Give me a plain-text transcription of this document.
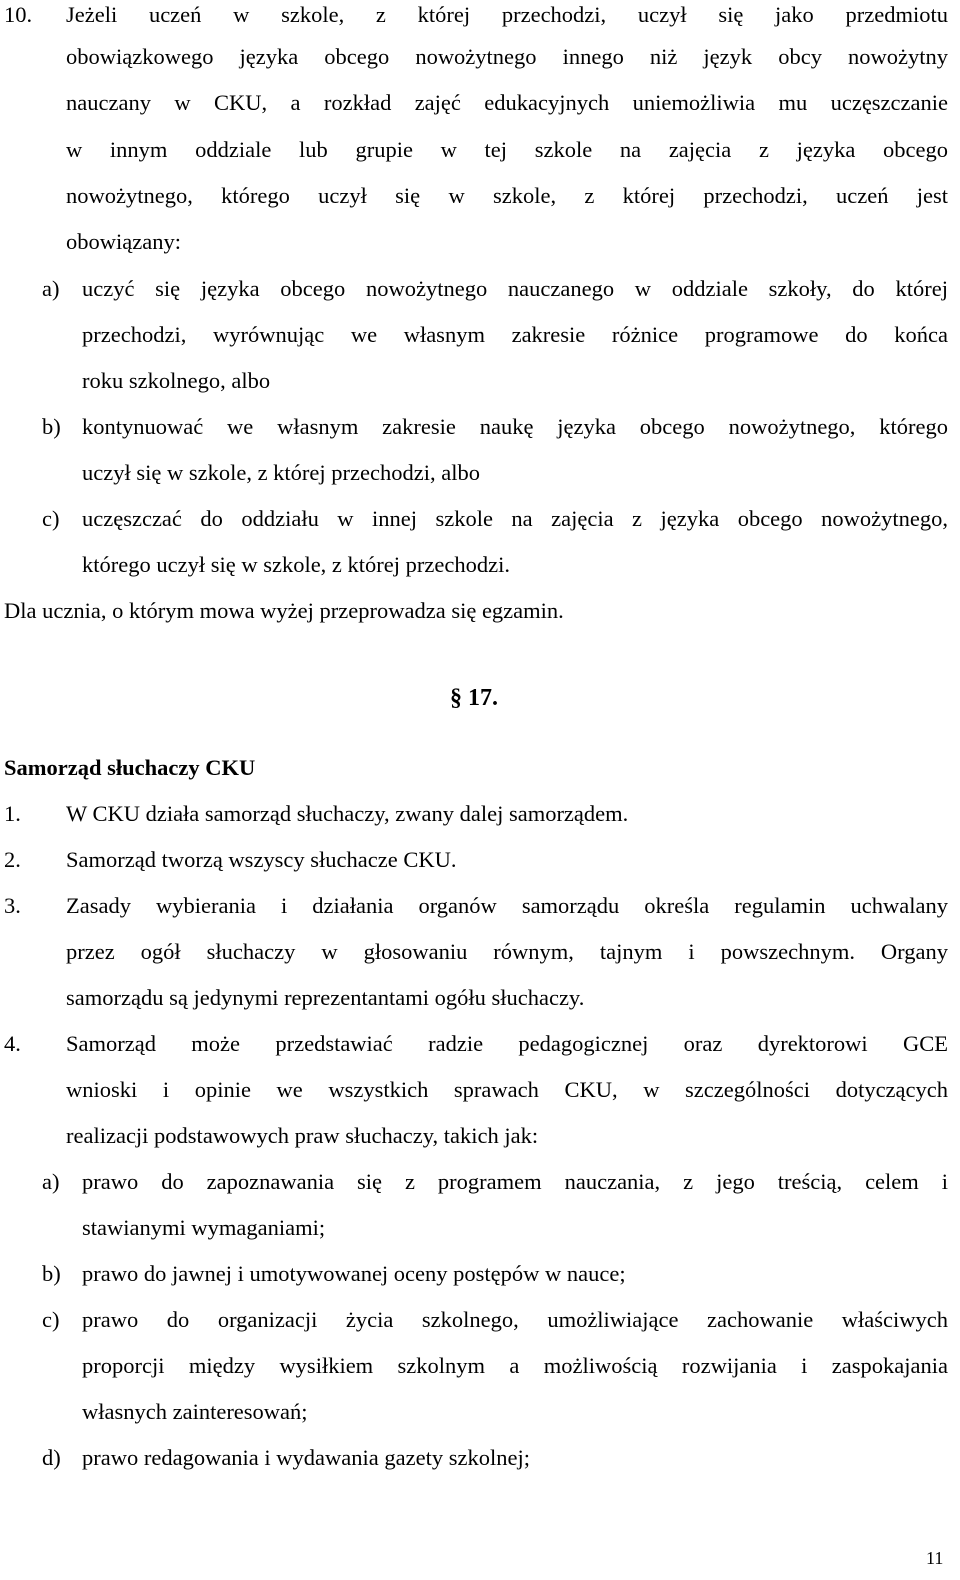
10. Jeżeli uczeń w szkole, z której przechodzi, uczył się jako przedmiotu
obowiązkowego języka obcego nowożytnego innego niż język obcy nowożytny
nauczany w CKU, a rozkład zajęć edukacyjnych uniemożliwia mu uczęszczanie
w innym oddziale lub grupie w tej szkole na zajęcia z języka obcego
nowożytnego, którego uczył się w szkole, z której przechodzi, uczeń jest
obowiązany:
a) uczyć się języka obcego nowożytnego nauczanego w oddziale szkoły, do której
przechodzi, wyrównując we własnym zakresie różnice programowe do końca
roku szkolnego, albo
b) kontynuować we własnym zakresie naukę języka obcego nowożytnego, którego
uczył się w szkole, z której przechodzi, albo
c) uczęszczać do oddziału w innej szkole na zajęcia z języka obcego nowożytnego,
którego uczył się w szkole, z której przechodzi.
Dla ucznia, o którym mowa wyżej przeprowadza się egzamin.
§ 17.
Samorząd słuchaczy CKU
1. W CKU działa samorząd słuchaczy, zwany dalej samorządem.
2. Samorząd tworzą wszyscy słuchacze CKU.
3. Zasady wybierania i działania organów samorządu określa regulamin uchwalany
przez ogół słuchaczy w głosowaniu równym, tajnym i powszechnym. Organy
samorządu są jedynymi reprezentantami ogółu słuchaczy.
4. Samorząd może przedstawiać radzie pedagogicznej oraz dyrektorowi GCE
wnioski i opinie we wszystkich sprawach CKU, w szczególności dotyczących
realizacji podstawowych praw słuchaczy, takich jak:
a) prawo do zapoznawania się z programem nauczania, z jego treścią, celem i
stawianymi wymaganiami;
b) prawo do jawnej i umotywowanej oceny postępów w nauce;
c) prawo do organizacji życia szkolnego, umożliwiające zachowanie właściwych
proporcji między wysiłkiem szkolnym a możliwością rozwijania i zaspokajania
własnych zainteresowań;
d) prawo redagowania i wydawania gazety szkolnej;
11
